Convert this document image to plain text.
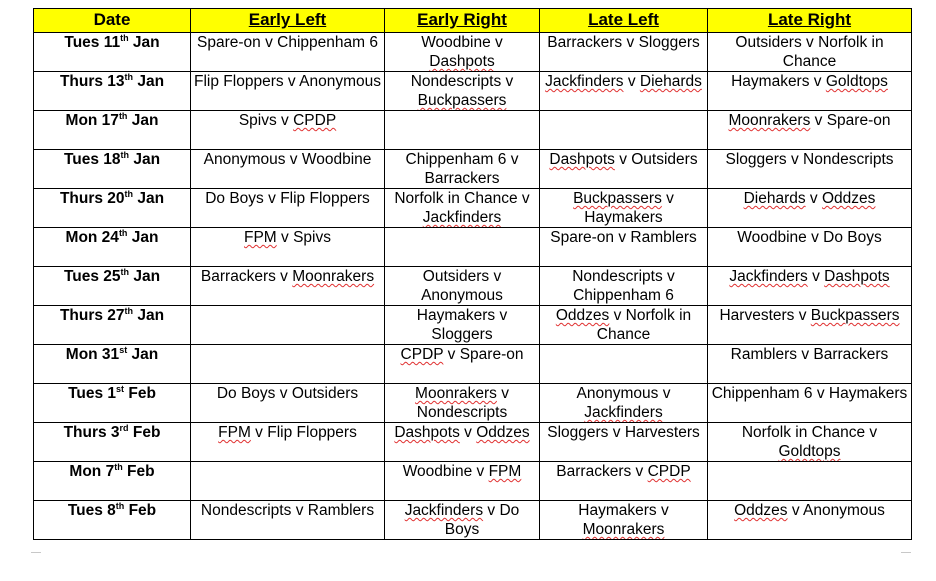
Date	Early Left	Early Right	Late Left	Late Right
Tues 11th Jan	Spare-on v Chippenham 6	Woodbine v Dashpots	Barrackers v Sloggers	Outsiders v Norfolk in Chance
Thurs 13th Jan	Flip Floppers v Anonymous	Nondescripts v Buckpassers	Jackfinders v Diehards	Haymakers v Goldtops
Mon 17th Jan	Spivs v CPDP			Moonrakers v Spare-on
Tues 18th Jan	Anonymous v Woodbine	Chippenham 6 v Barrackers	Dashpots v Outsiders	Sloggers v Nondescripts
Thurs 20th Jan	Do Boys v Flip Floppers	Norfolk in Chance v Jackfinders	Buckpassers v Haymakers	Diehards v Oddzes
Mon 24th Jan	FPM v Spivs		Spare-on v Ramblers	Woodbine v Do Boys
Tues 25th Jan	Barrackers v Moonrakers	Outsiders v Anonymous	Nondescripts v Chippenham 6	Jackfinders v Dashpots
Thurs 27th Jan		Haymakers v Sloggers	Oddzes v Norfolk in Chance	Harvesters v Buckpassers
Mon 31st Jan		CPDP v Spare-on		Ramblers v Barrackers
Tues 1st Feb	Do Boys v Outsiders	Moonrakers v Nondescripts	Anonymous v Jackfinders	Chippenham 6 v Haymakers
Thurs 3rd Feb	FPM v Flip Floppers	Dashpots v Oddzes	Sloggers v Harvesters	Norfolk in Chance v Goldtops
Mon 7th Feb		Woodbine v FPM	Barrackers v CPDP	
Tues 8th Feb	Nondescripts v Ramblers	Jackfinders v Do Boys	Haymakers v Moonrakers	Oddzes v Anonymous
